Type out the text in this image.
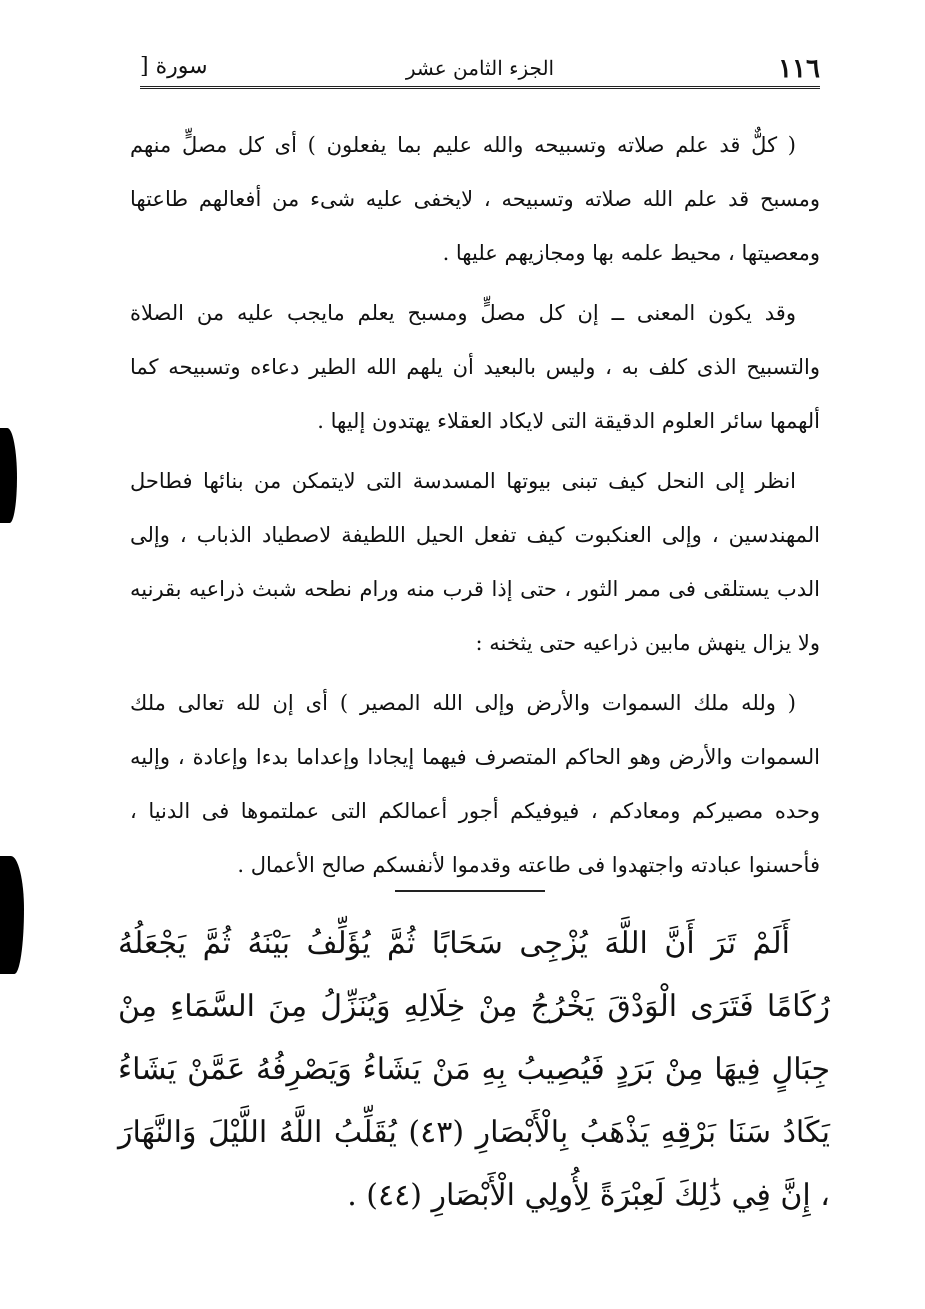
١١٦
الجزء الثامن عشر
سورة [

( كلٌّ قد علم صلاته وتسبيحه والله عليم بما يفعلون ) أى كل مصلٍّ منهم ومسبح قد علم الله صلاته وتسبيحه ، لايخفى عليه شىء من أفعالهم طاعتها ومعصيتها ، محيط علمه بها ومجازيهم عليها .

وقد يكون المعنى ــ إن كل مصلٍّ ومسبح يعلم مايجب عليه من الصلاة والتسبيح الذى كلف به ، وليس بالبعيد أن يلهم الله الطير دعاءه وتسبيحه كما ألهمها سائر العلوم الدقيقة التى لايكاد العقلاء يهتدون إليها .

انظر إلى النحل كيف تبنى بيوتها المسدسة التى لايتمكن من بنائها فطاحل المهندسين ، وإلى العنكبوت كيف تفعل الحيل اللطيفة لاصطياد الذباب ، وإلى الدب يستلقى فى ممر الثور ، حتى إذا قرب منه ورام نطحه شبث ذراعيه بقرنيه ولا يزال ينهش مابين ذراعيه حتى يثخنه :

( ولله ملك السموات والأرض وإلى الله المصير ) أى إن لله تعالى ملك السموات والأرض وهو الحاكم المتصرف فيهما إيجادا وإعداما بدءا وإعادة ، وإليه وحده مصيركم ومعادكم ، فيوفيكم أجور أعمالكم التى عملتموها فى الدنيا ، فأحسنوا عبادته واجتهدوا فى طاعته وقدموا لأنفسكم صالح الأعمال .

أَلَمْ تَرَ أَنَّ اللَّهَ يُزْجِى سَحَابًا ثُمَّ يُؤَلِّفُ بَيْنَهُ ثُمَّ يَجْعَلُهُ رُكَامًا فَتَرَى الْوَدْقَ يَخْرُجُ مِنْ خِلَالِهِ وَيُنَزِّلُ مِنَ السَّمَاءِ مِنْ جِبَالٍ فِيهَا مِنْ بَرَدٍ فَيُصِيبُ بِهِ مَنْ يَشَاءُ وَيَصْرِفُهُ عَمَّنْ يَشَاءُ يَكَادُ سَنَا بَرْقِهِ يَذْهَبُ بِالْأَبْصَارِ (٤٣) يُقَلِّبُ اللَّهُ اللَّيْلَ وَالنَّهَارَ ، إِنَّ فِي ذَٰلِكَ لَعِبْرَةً لِأُولِي الْأَبْصَارِ (٤٤) .
